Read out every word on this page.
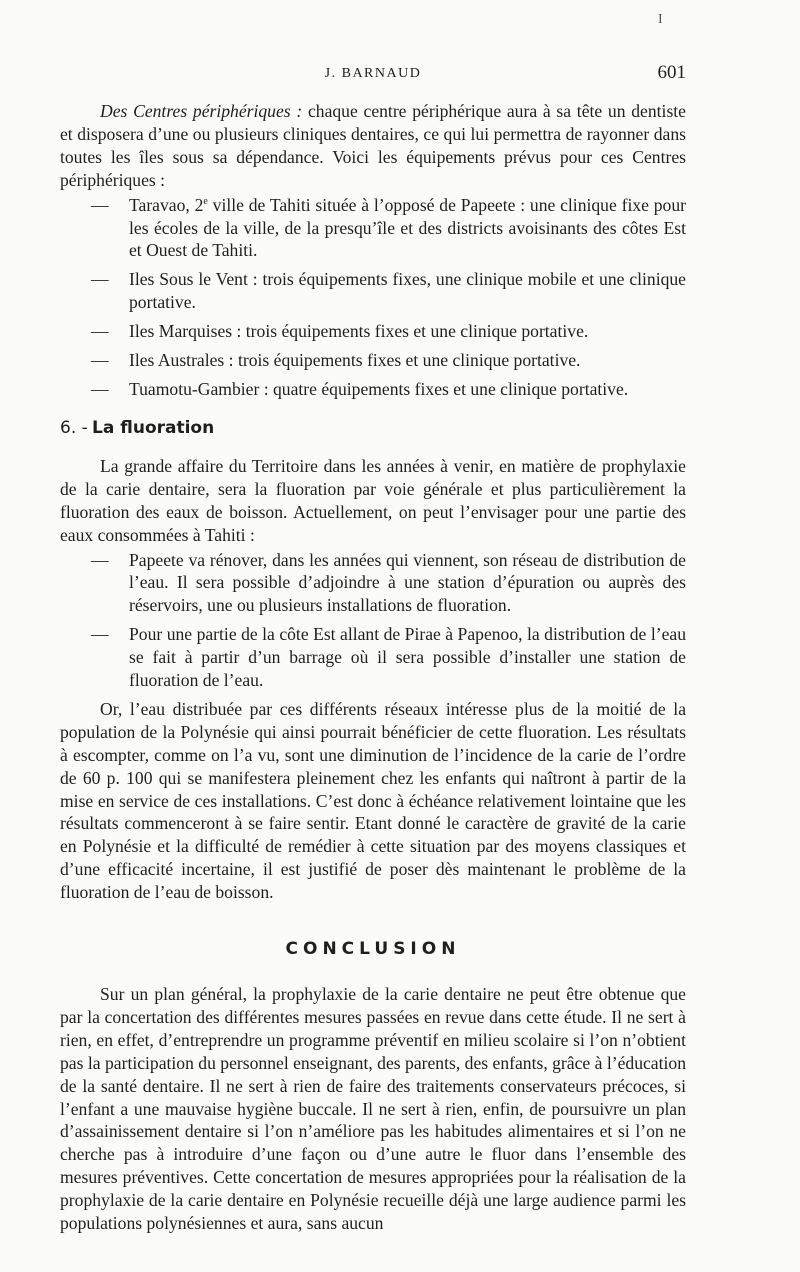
I
J. BARNAUD	601

Des Centres périphériques : chaque centre périphérique aura à sa tête un dentiste et disposera d’une ou plusieurs cliniques dentaires, ce qui lui permettra de rayonner dans toutes les îles sous sa dépendance. Voici les équipements prévus pour ces Centres périphériques :

— Taravao, 2e ville de Tahiti située à l’opposé de Papeete : une clinique fixe pour les écoles de la ville, de la presqu’île et des districts avoisinants des côtes Est et Ouest de Tahiti.
— Iles Sous le Vent : trois équipements fixes, une clinique mobile et une clinique portative.
— Iles Marquises : trois équipements fixes et une clinique portative.
— Iles Australes : trois équipements fixes et une clinique portative.
— Tuamotu-Gambier : quatre équipements fixes et une clinique portative.
6. - La fluoration

La grande affaire du Territoire dans les années à venir, en matière de prophylaxie de la carie dentaire, sera la fluoration par voie générale et plus particulièrement la fluoration des eaux de boisson. Actuellement, on peut l’envisager pour une partie des eaux consommées à Tahiti :

— Papeete va rénover, dans les années qui viennent, son réseau de distribution de l’eau. Il sera possible d’adjoindre à une station d’épuration ou auprès des réservoirs, une ou plusieurs installations de fluoration.
— Pour une partie de la côte Est allant de Pirae à Papenoo, la distribution de l’eau se fait à partir d’un barrage où il sera possible d’installer une station de fluoration de l’eau.

Or, l’eau distribuée par ces différents réseaux intéresse plus de la moitié de la population de la Polynésie qui ainsi pourrait bénéficier de cette fluoration. Les résultats à escompter, comme on l’a vu, sont une diminution de l’incidence de la carie de l’ordre de 60 p. 100 qui se manifestera pleinement chez les enfants qui naîtront à partir de la mise en service de ces installations. C’est donc à échéance relativement lointaine que les résultats commenceront à se faire sentir. Etant donné le caractère de gravité de la carie en Polynésie et la difficulté de remédier à cette situation par des moyens classiques et d’une efficacité incertaine, il est justifié de poser dès maintenant le problème de la fluoration de l’eau de boisson.

CONCLUSION

Sur un plan général, la prophylaxie de la carie dentaire ne peut être obtenue que par la concertation des différentes mesures passées en revue dans cette étude. Il ne sert à rien, en effet, d’entreprendre un programme préventif en milieu scolaire si l’on n’obtient pas la participation du personnel enseignant, des parents, des enfants, grâce à l’éducation de la santé dentaire. Il ne sert à rien de faire des traitements conservateurs précoces, si l’enfant a une mauvaise hygiène buccale. Il ne sert à rien, enfin, de poursuivre un plan d’assainissement dentaire si l’on n’améliore pas les habitudes alimentaires et si l’on ne cherche pas à introduire d’une façon ou d’une autre le fluor dans l’ensemble des mesures préventives. Cette concertation de mesures appropriées pour la réalisation de la prophylaxie de la carie dentaire en Polynésie recueille déjà une large audience parmi les populations polynésiennes et aura, sans aucun
